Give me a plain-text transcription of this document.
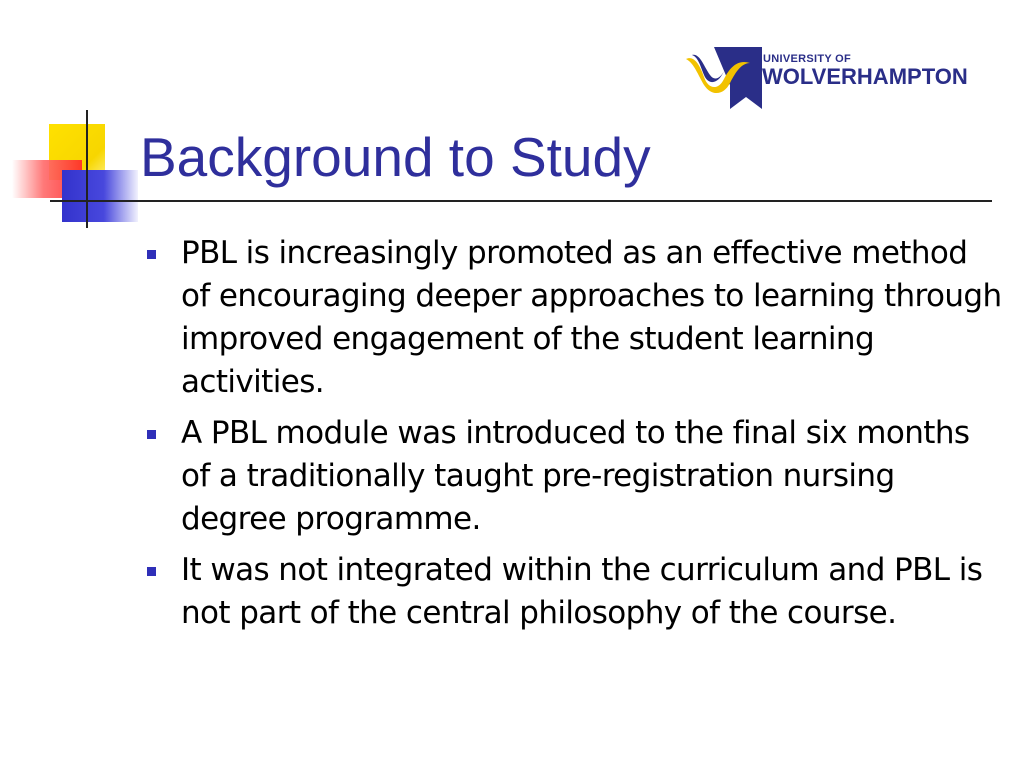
UNIVERSITY OF
WOLVERHAMPTON
Background to Study
PBL is increasingly promoted as an effective method of encouraging deeper approaches to learning through improved engagement of the student learning activities.
A PBL module was introduced to the final six months of a traditionally taught pre-registration nursing degree programme.
It was not integrated within the curriculum and PBL is not part of the central philosophy of the course.
